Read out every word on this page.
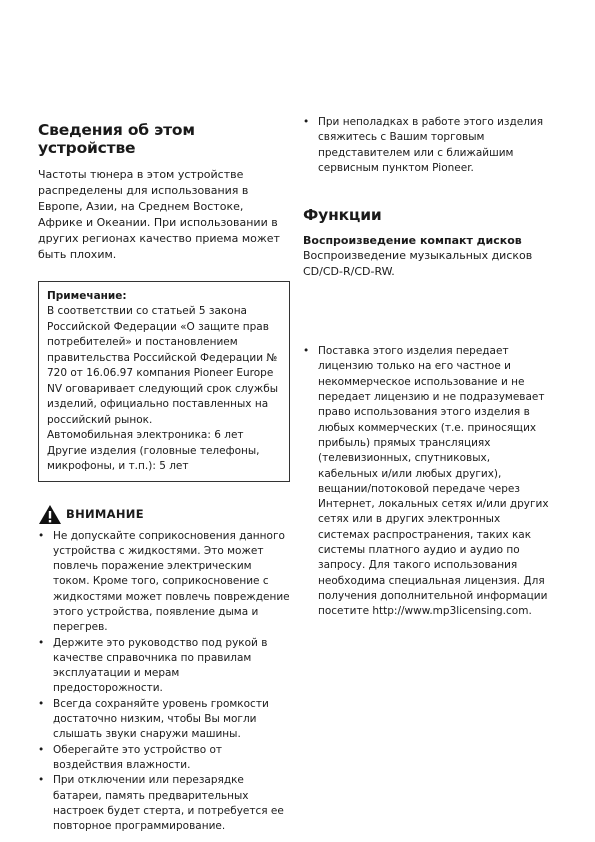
Сведения об этом устройстве

Частоты тюнера в этом устройстве распределены для использования в Европе, Азии, на Среднем Востоке, Африке и Океании. При использовании в других регионах качество приема может быть плохим.

Примечание:
В соответствии со статьей 5 закона Российской Федерации «О защите прав потребителей» и постановлением правительства Российской Федерации № 720 от 16.06.97 компания Pioneer Europe NV оговаривает следующий срок службы изделий, официально поставленных на российский рынок.
Автомобильная электроника: 6 лет
Другие изделия (головные телефоны, микрофоны, и т.п.): 5 лет
ВНИМАНИЕ
• Не допускайте соприкосновения данного устройства с жидкостями. Это может повлечь поражение электрическим током. Кроме того, соприкосновение с жидкостями может повлечь повреждение этого устройства, появление дыма и перегрев.
• Держите это руководство под рукой в качестве справочника по правилам эксплуатации и мерам предосторожности.
• Всегда сохраняйте уровень громкости достаточно низким, чтобы Вы могли слышать звуки снаружи машины.
• Оберегайте это устройство от воздействия влажности.
• При отключении или перезарядке батареи, память предварительных настроек будет стерта, и потребуется ее повторное программирование.
• При неполадках в работе этого изделия свяжитесь с Вашим торговым представителем или с ближайшим сервисным пунктом Pioneer.
Функции
Воспроизведение компакт дисков

Воспроизведение музыкальных дисков CD/CD-R/CD-RW.

• Поставка этого изделия передает лицензию только на его частное и некоммерческое использование и не передает лицензию и не подразумевает право использования этого изделия в любых коммерческих (т.е. приносящих прибыль) прямых трансляциях (телевизионных, спутниковых, кабельных и/или любых других), вещании/потоковой передаче через Интернет, локальных сетях и/или других сетях или в других электронных системах распространения, таких как системы платного аудио и аудио по запросу. Для такого использования необходима специальная лицензия. Для получения дополнительной информации посетите http://www.mp3licensing.com.
